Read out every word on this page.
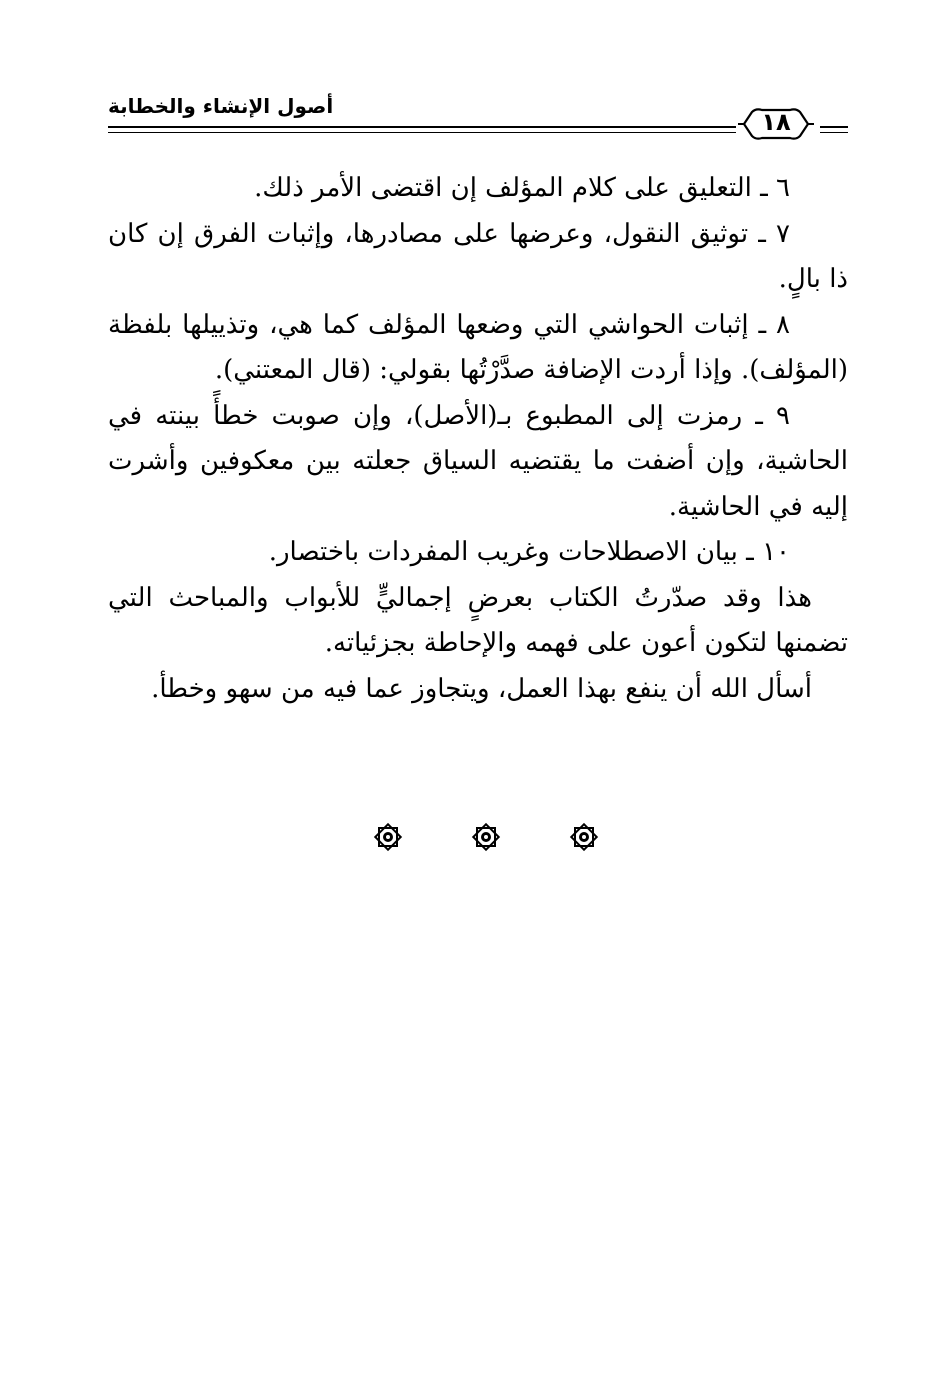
أصول الإنشاء والخطابة
١٨

٦ ـ التعليق على كلام المؤلف إن اقتضى الأمر ذلك.

٧ ـ توثيق النقول، وعرضها على مصادرها، وإثبات الفرق إن كان ذا بالٍ.

٨ ـ إثبات الحواشي التي وضعها المؤلف كما هي، وتذييلها بلفظة (المؤلف). وإذا أردت الإضافة صدَّرْتُها بقولي: (قال المعتني).

٩ ـ رمزت إلى المطبوع بـ(الأصل)، وإن صوبت خطأً بينته في الحاشية، وإن أضفت ما يقتضيه السياق جعلته بين معكوفين وأشرت إليه في الحاشية.

١٠ ـ بيان الاصطلاحات وغريب المفردات باختصار.

هذا وقد صدّرتُ الكتاب بعرضٍ إجماليٍّ للأبواب والمباحث التي تضمنها لتكون أعون على فهمه والإحاطة بجزئياته.

أسأل الله أن ينفع بهذا العمل، ويتجاوز عما فيه من سهو وخطأ.
